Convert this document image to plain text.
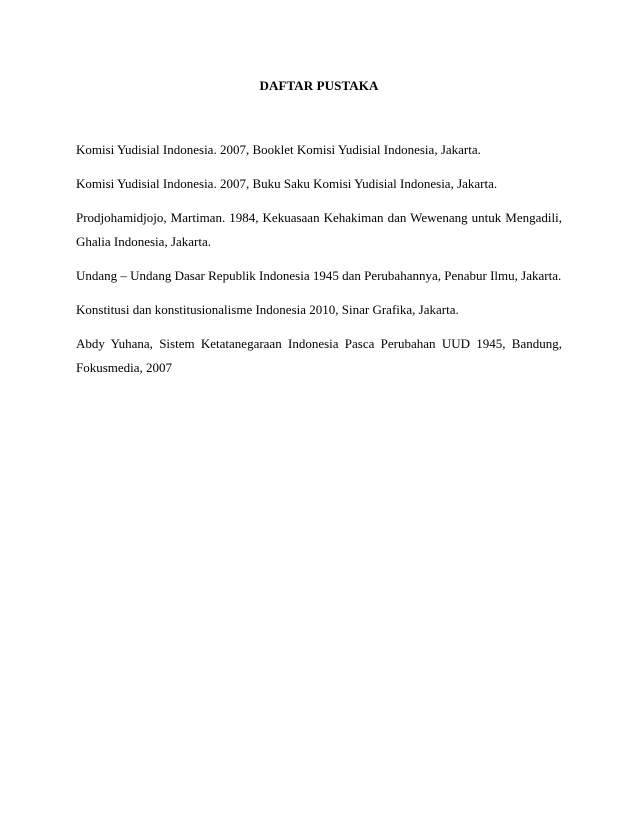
DAFTAR PUSTAKA

Komisi Yudisial Indonesia. 2007, Booklet Komisi Yudisial Indonesia, Jakarta.

Komisi Yudisial Indonesia. 2007, Buku Saku Komisi Yudisial Indonesia, Jakarta.

Prodjohamidjojo, Martiman. 1984, Kekuasaan Kehakiman dan Wewenang untuk Mengadili, Ghalia Indonesia, Jakarta.

Undang – Undang Dasar Republik Indonesia 1945 dan Perubahannya, Penabur Ilmu, Jakarta.

Konstitusi dan konstitusionalisme Indonesia 2010, Sinar Grafika, Jakarta.

Abdy Yuhana, Sistem Ketatanegaraan Indonesia Pasca Perubahan UUD 1945, Bandung, Fokusmedia, 2007
